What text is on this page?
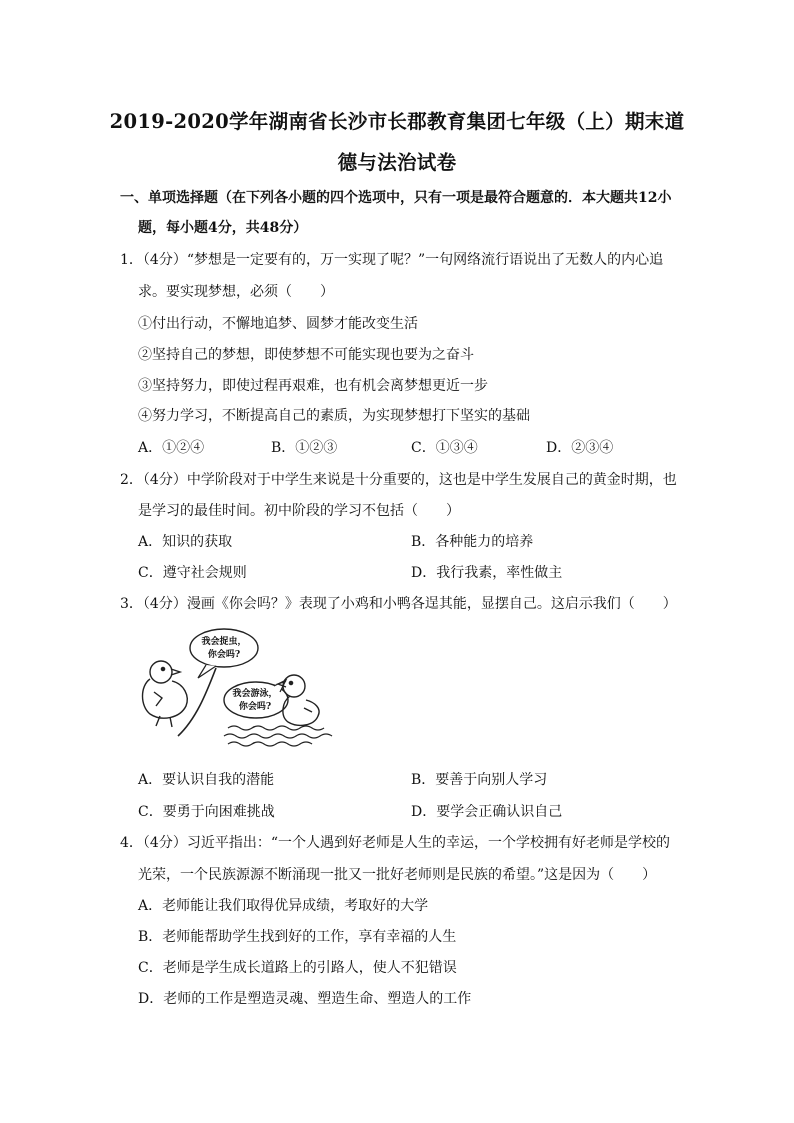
2019-2020学年湖南省长沙市长郡教育集团七年级（上）期末道
德与法治试卷
一、单项选择题（在下列各小题的四个选项中，只有一项是最符合题意的．本大题共12小
题，每小题4分，共48分）
1．（4分）“梦想是一定要有的，万一实现了呢？”一句网络流行语说出了无数人的内心追
求。要实现梦想，必须（　　）
①付出行动，不懈地追梦、圆梦才能改变生活
②坚持自己的梦想，即使梦想不可能实现也要为之奋斗
③坚持努力，即使过程再艰难，也有机会离梦想更近一步
④努力学习，不断提高自己的素质，为实现梦想打下坚实的基础
A．①②④	B．①②③	C．①③④	D．②③④
2．（4分）中学阶段对于中学生来说是十分重要的，这也是中学生发展自己的黄金时期，也
是学习的最佳时间。初中阶段的学习不包括（　　）
A．知识的获取	B．各种能力的培养
C．遵守社会规则	D．我行我素，率性做主
3．（4分）漫画《你会吗？》表现了小鸡和小鸭各逞其能，显摆自己。这启示我们（　　）
我会捉虫，
你会吗?
我会游泳，
你会吗?
A．要认识自我的潜能	B．要善于向别人学习
C．要勇于向困难挑战	D．要学会正确认识自己
4．（4分）习近平指出：“一个人遇到好老师是人生的幸运，一个学校拥有好老师是学校的
光荣，一个民族源源不断涌现一批又一批好老师则是民族的希望。”这是因为（　　）
A．老师能让我们取得优异成绩，考取好的大学
B．老师能帮助学生找到好的工作，享有幸福的人生
C．老师是学生成长道路上的引路人，使人不犯错误
D．老师的工作是塑造灵魂、塑造生命、塑造人的工作
